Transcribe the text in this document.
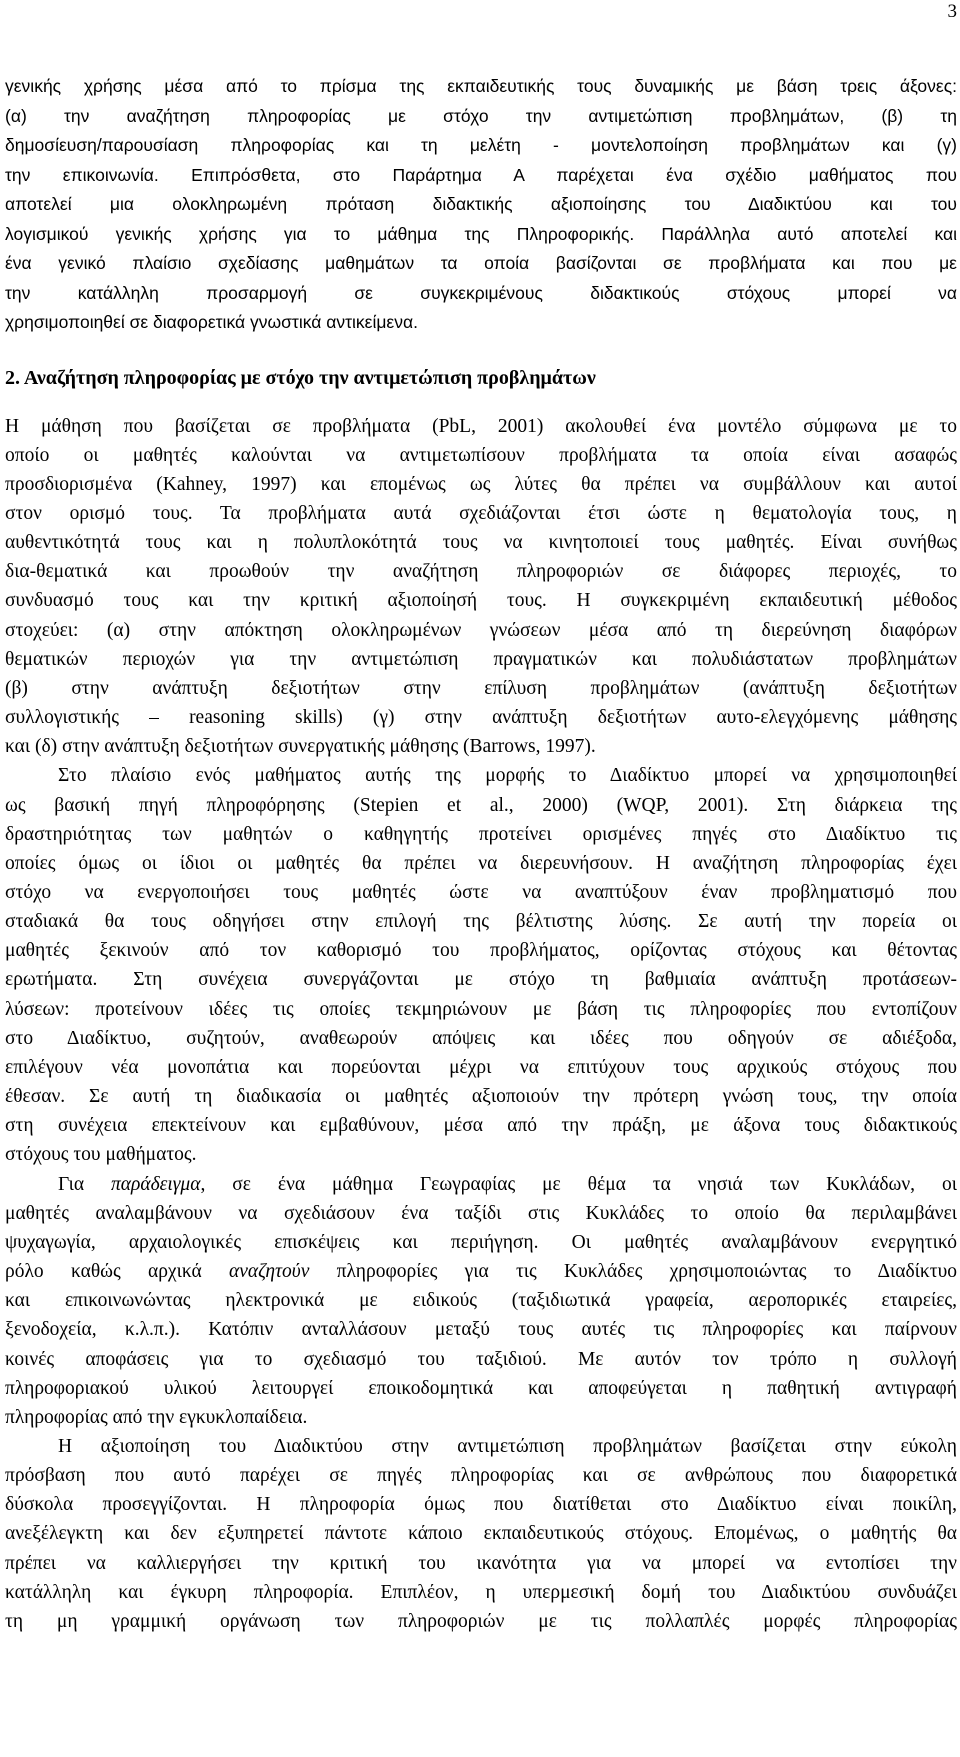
3
γενικής χρήσης μέσα από το πρίσμα της εκπαιδευτικής τους δυναμικής με βάση τρεις άξονες:
(α) την αναζήτηση πληροφορίας με στόχο την αντιμετώπιση προβλημάτων, (β) τη
δημοσίευση/παρουσίαση πληροφορίας και τη μελέτη - μοντελοποίηση προβλημάτων και (γ)
την επικοινωνία. Επιπρόσθετα, στο Παράρτημα Α παρέχεται ένα σχέδιο μαθήματος που
αποτελεί μια ολοκληρωμένη πρόταση διδακτικής αξιοποίησης του Διαδικτύου και του
λογισμικού γενικής χρήσης για το μάθημα της Πληροφορικής. Παράλληλα αυτό αποτελεί και
ένα γενικό πλαίσιο σχεδίασης μαθημάτων τα οποία βασίζονται σε προβλήματα και που με
την κατάλληλη προσαρμογή σε συγκεκριμένους διδακτικούς στόχους μπορεί να
χρησιμοποιηθεί σε διαφορετικά γνωστικά αντικείμενα.
2. Αναζήτηση πληροφορίας με στόχο την αντιμετώπιση προβλημάτων
Η μάθηση που βασίζεται σε προβλήματα (PbL, 2001) ακολουθεί ένα μοντέλο σύμφωνα με το
οποίο οι μαθητές καλούνται να αντιμετωπίσουν προβλήματα τα οποία είναι ασαφώς
προσδιορισμένα (Kahney, 1997) και επομένως ως λύτες θα πρέπει να συμβάλλουν και αυτοί
στον ορισμό τους. Τα προβλήματα αυτά σχεδιάζονται έτσι ώστε η θεματολογία τους, η
αυθεντικότητά τους και η πολυπλοκότητά τους να κινητοποιεί τους μαθητές. Είναι συνήθως
δια-θεματικά και προωθούν την αναζήτηση πληροφοριών σε διάφορες περιοχές, το
συνδυασμό τους και την κριτική αξιοποίησή τους. Η συγκεκριμένη εκπαιδευτική μέθοδος
στοχεύει: (α) στην απόκτηση ολοκληρωμένων γνώσεων μέσα από τη διερεύνηση διαφόρων
θεματικών περιοχών για την αντιμετώπιση πραγματικών και πολυδιάστατων προβλημάτων
(β) στην ανάπτυξη δεξιοτήτων στην επίλυση προβλημάτων (ανάπτυξη δεξιοτήτων
συλλογιστικής – reasoning skills) (γ) στην ανάπτυξη δεξιοτήτων αυτο-ελεγχόμενης μάθησης
και (δ) στην ανάπτυξη δεξιοτήτων συνεργατικής μάθησης (Barrows, 1997).
Στο πλαίσιο ενός μαθήματος αυτής της μορφής το Διαδίκτυο μπορεί να χρησιμοποιηθεί
ως βασική πηγή πληροφόρησης (Stepien et al., 2000) (WQP, 2001). Στη διάρκεια της
δραστηριότητας των μαθητών ο καθηγητής προτείνει ορισμένες πηγές στο Διαδίκτυο τις
οποίες όμως οι ίδιοι οι μαθητές θα πρέπει να διερευνήσουν. Η αναζήτηση πληροφορίας έχει
στόχο να ενεργοποιήσει τους μαθητές ώστε να αναπτύξουν έναν προβληματισμό που
σταδιακά θα τους οδηγήσει στην επιλογή της βέλτιστης λύσης. Σε αυτή την πορεία οι
μαθητές ξεκινούν από τον καθορισμό του προβλήματος, ορίζοντας στόχους και θέτοντας
ερωτήματα. Στη συνέχεια συνεργάζονται με στόχο τη βαθμιαία ανάπτυξη προτάσεων-
λύσεων: προτείνουν ιδέες τις οποίες τεκμηριώνουν με βάση τις πληροφορίες που εντοπίζουν
στο Διαδίκτυο, συζητούν, αναθεωρούν απόψεις και ιδέες που οδηγούν σε αδιέξοδα,
επιλέγουν νέα μονοπάτια και πορεύονται μέχρι να επιτύχουν τους αρχικούς στόχους που
έθεσαν. Σε αυτή τη διαδικασία οι μαθητές αξιοποιούν την πρότερη γνώση τους, την οποία
στη συνέχεια επεκτείνουν και εμβαθύνουν, μέσα από την πράξη, με άξονα τους διδακτικούς
στόχους του μαθήματος.
Για παράδειγμα, σε ένα μάθημα Γεωγραφίας με θέμα τα νησιά των Κυκλάδων, οι
μαθητές αναλαμβάνουν να σχεδιάσουν ένα ταξίδι στις Κυκλάδες το οποίο θα περιλαμβάνει
ψυχαγωγία, αρχαιολογικές επισκέψεις και περιήγηση. Οι μαθητές αναλαμβάνουν ενεργητικό
ρόλο καθώς αρχικά αναζητούν πληροφορίες για τις Κυκλάδες χρησιμοποιώντας το Διαδίκτυο
και επικοινωνώντας ηλεκτρονικά με ειδικούς (ταξιδιωτικά γραφεία, αεροπορικές εταιρείες,
ξενοδοχεία, κ.λ.π.). Κατόπιν ανταλλάσουν μεταξύ τους αυτές τις πληροφορίες και παίρνουν
κοινές αποφάσεις για το σχεδιασμό του ταξιδιού. Με αυτόν τον τρόπο η συλλογή
πληροφοριακού υλικού λειτουργεί εποικοδομητικά και αποφεύγεται η παθητική αντιγραφή
πληροφορίας από την εγκυκλοπαίδεια.
Η αξιοποίηση του Διαδικτύου στην αντιμετώπιση προβλημάτων βασίζεται στην εύκολη
πρόσβαση που αυτό παρέχει σε πηγές πληροφορίας και σε ανθρώπους που διαφορετικά
δύσκολα προσεγγίζονται. Η πληροφορία όμως που διατίθεται στο Διαδίκτυο είναι ποικίλη,
ανεξέλεγκτη και δεν εξυπηρετεί πάντοτε κάποιο εκπαιδευτικούς στόχους. Επομένως, ο μαθητής θα
πρέπει να καλλιεργήσει την κριτική του ικανότητα για να μπορεί να εντοπίσει την
κατάλληλη και έγκυρη πληροφορία. Επιπλέον, η υπερμεσική δομή του Διαδικτύου συνδυάζει
τη μη γραμμική οργάνωση των πληροφοριών με τις πολλαπλές μορφές πληροφορίας
